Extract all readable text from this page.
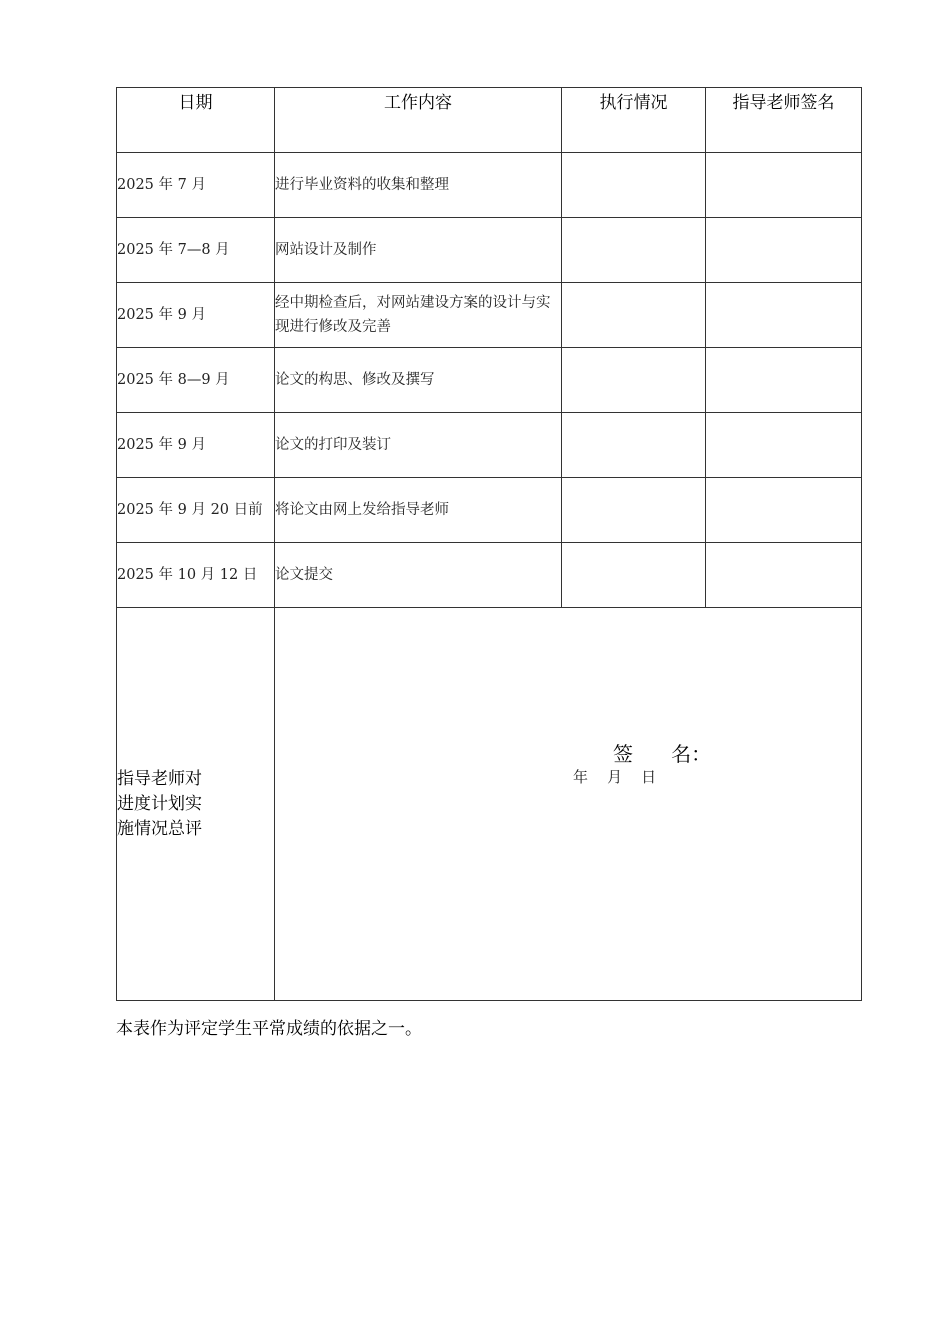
日期	工作内容	执行情况	指导老师签名
2025 年 7 月	进行毕业资料的收集和整理		
2025 年 7—8 月	网站设计及制作		
2025 年 9 月	经中期检查后，对网站建设方案的设计与实现进行修改及完善		
2025 年 8—9 月	论文的构思、修改及撰写		
2025 年 9 月	论文的打印及装订		
2025 年 9 月 20 日前	将论文由网上发给指导老师		
2025 年 10 月 12 日	论文提交		

指导老师对进度计划实施情况总评	签      名：
年    月    日		
本表作为评定学生平常成绩的依据之一。
